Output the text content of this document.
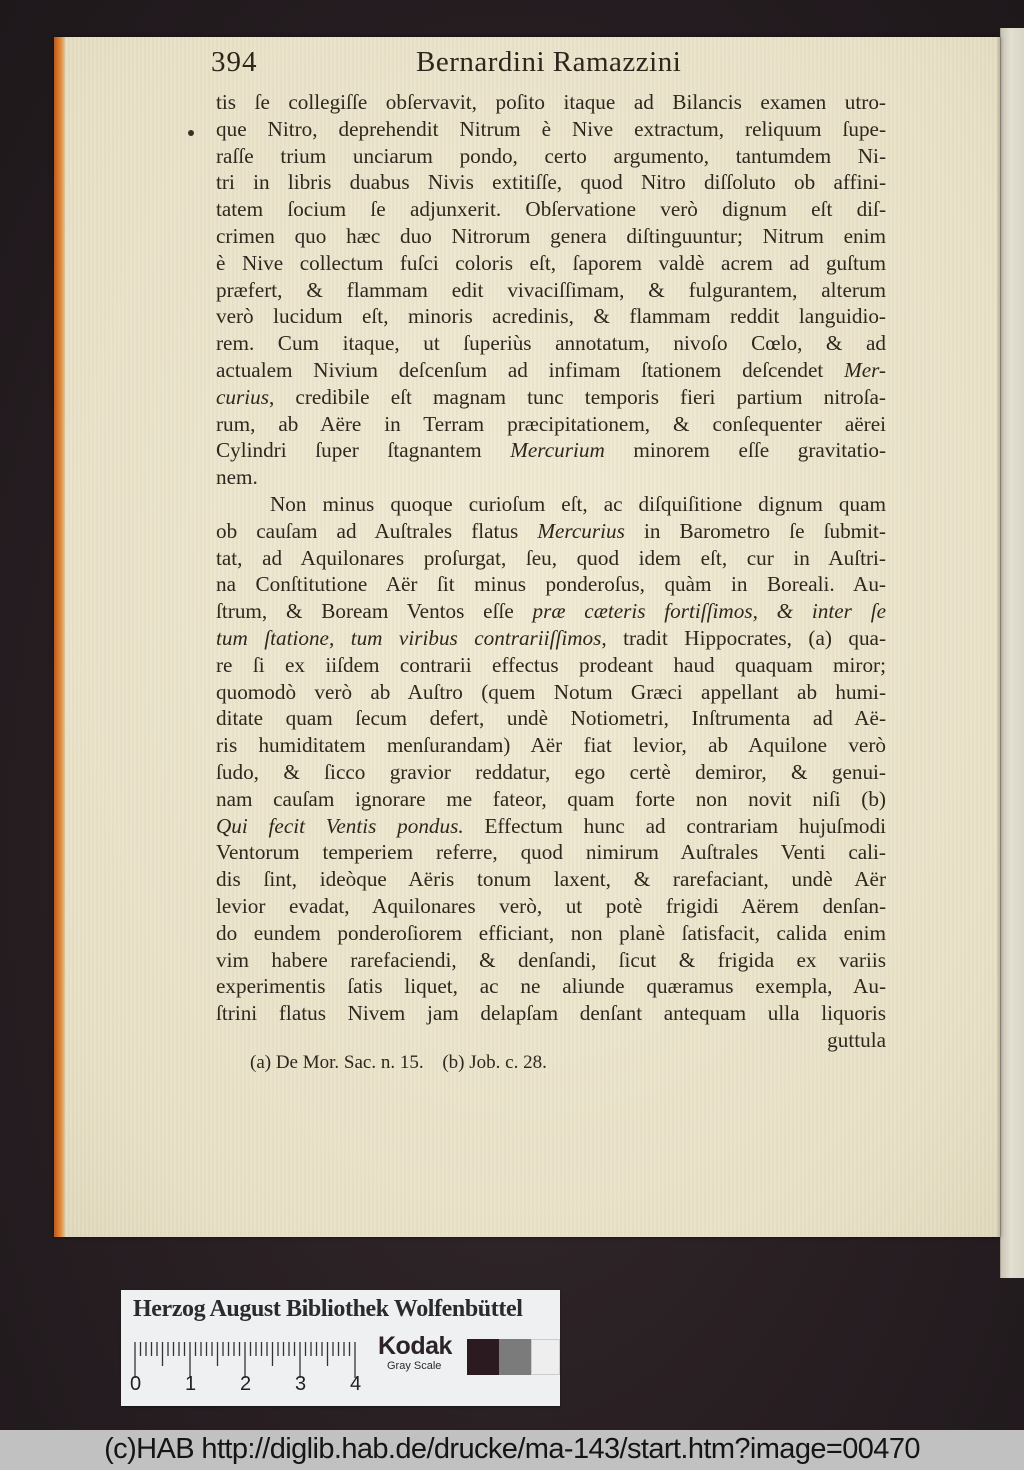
394	Bernardini Ramazzini
tis ſe collegiſſe obſervavit, poſito itaque ad Bilancis examen utro-
que Nitro, deprehendit Nitrum è Nive extractum, reliquum ſupe-
raſſe trium unciarum pondo, certo argumento, tantumdem Ni-
tri in libris duabus Nivis extitiſſe, quod Nitro diſſoluto ob affini-
tatem ſocium ſe adjunxerit. Obſervatione verò dignum eſt diſ-
crimen quo hæc duo Nitrorum genera diſtinguuntur; Nitrum enim
è Nive collectum fuſci coloris eſt, ſaporem valdè acrem ad guſtum
præfert, & flammam edit vivaciſſimam, & fulgurantem, alterum
verò lucidum eſt, minoris acredinis, & flammam reddit languidio-
rem. Cum itaque, ut ſuperiùs annotatum, nivoſo Cœlo, & ad
actualem Nivium deſcenſum ad infimam ſtationem deſcendet Mer-
curius, credibile eſt magnam tunc temporis fieri partium nitroſa-
rum, ab Aëre in Terram præcipitationem, & conſequenter aërei
Cylindri ſuper ſtagnantem Mercurium minorem eſſe gravitatio-
nem.
Non minus quoque curioſum eſt, ac diſquiſitione dignum quam
ob cauſam ad Auſtrales flatus Mercurius in Barometro ſe ſubmit-
tat, ad Aquilonares proſurgat, ſeu, quod idem eſt, cur in Auſtri-
na Conſtitutione Aër ſit minus ponderoſus, quàm in Boreali. Au-
ſtrum, & Boream Ventos eſſe præ cæteris fortiſſimos, & inter ſe
tum ſtatione, tum viribus contrariiſſimos, tradit Hippocrates, (a) qua-
re ſi ex iiſdem contrarii effectus prodeant haud quaquam miror;
quomodò verò ab Auſtro (quem Notum Græci appellant ab humi-
ditate quam ſecum defert, undè Notiometri, Inſtrumenta ad Aë-
ris humiditatem menſurandam) Aër fiat levior, ab Aquilone verò
ſudo, & ſicco gravior reddatur, ego certè demiror, & genui-
nam cauſam ignorare me fateor, quam forte non novit niſi (b)
Qui fecit Ventis pondus. Effectum hunc ad contrariam hujuſmodi
Ventorum temperiem referre, quod nimirum Auſtrales Venti cali-
dis ſint, ideòque Aëris tonum laxent, & rarefaciant, undè Aër
levior evadat, Aquilonares verò, ut potè frigidi Aërem denſan-
do eundem ponderoſiorem efficiant, non planè ſatisfacit, calida enim
vim habere rarefaciendi, & denſandi, ſicut & frigida ex variis
experimentis ſatis liquet, ac ne aliunde quæramus exempla, Au-
ſtrini flatus Nivem jam delapſam denſant antequam ulla liquoris
guttula
(a) De Mor. Sac. n. 15. (b) Job. c. 28.
Herzog August Bibliothek Wolfenbüttel
0 1 2 3 4
Kodak
Gray Scale
(c)HAB http://diglib.hab.de/drucke/ma-143/start.htm?image=00470
